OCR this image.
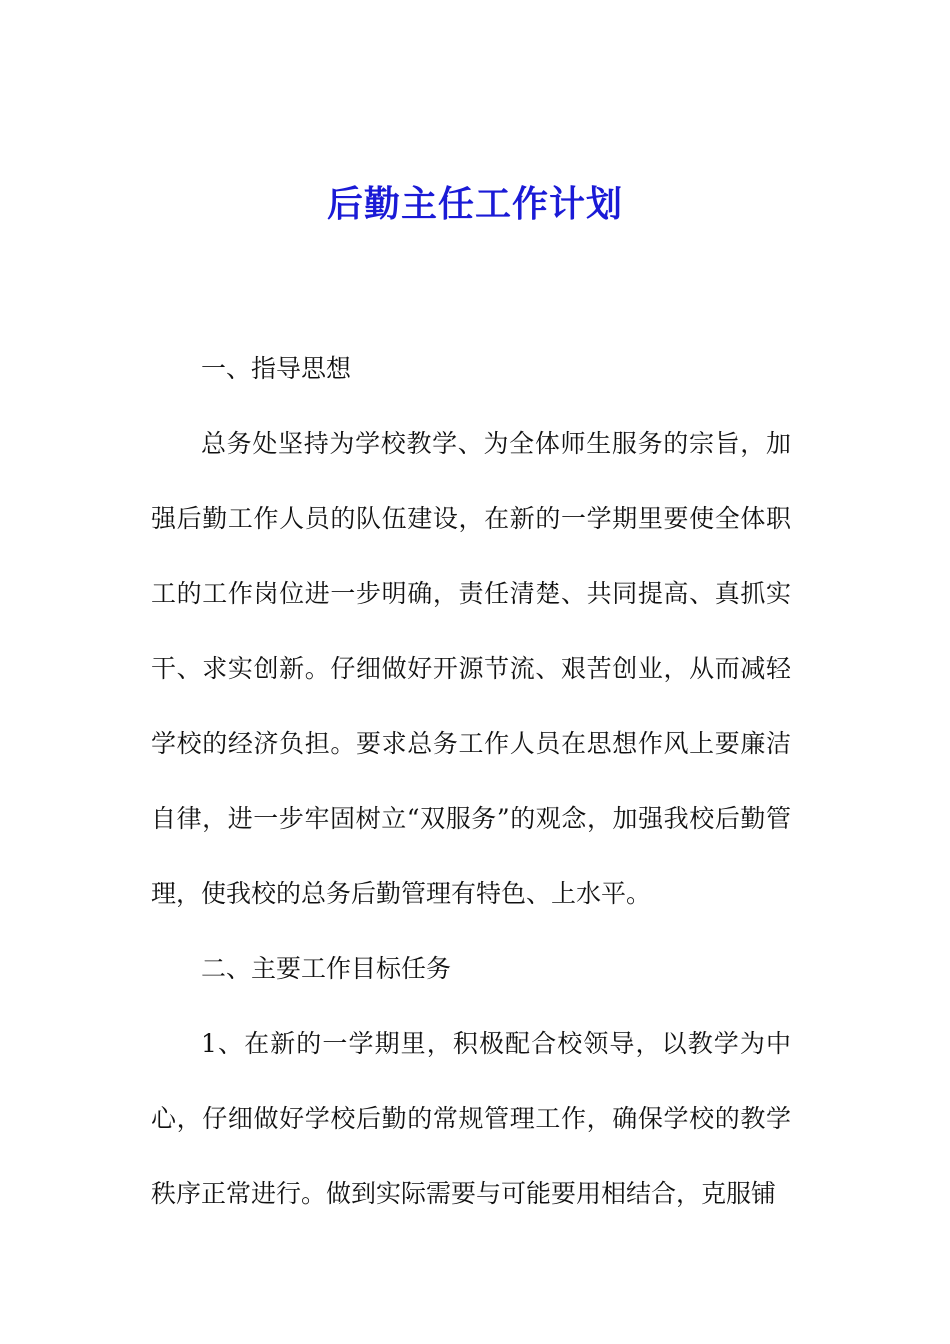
后勤主任工作计划

一、指导思想

总务处坚持为学校教学、为全体师生服务的宗旨，加强后勤工作人员的队伍建设，在新的一学期里要使全体职工的工作岗位进一步明确，责任清楚、共同提高、真抓实干、求实创新。仔细做好开源节流、艰苦创业，从而减轻学校的经济负担。要求总务工作人员在思想作风上要廉洁自律，进一步牢固树立“双服务”的观念，加强我校后勤管理，使我校的总务后勤管理有特色、上水平。

二、主要工作目标任务

1、在新的一学期里，积极配合校领导，以教学为中心，仔细做好学校后勤的常规管理工作，确保学校的教学秩序正常进行。做到实际需要与可能要用相结合，克服铺
